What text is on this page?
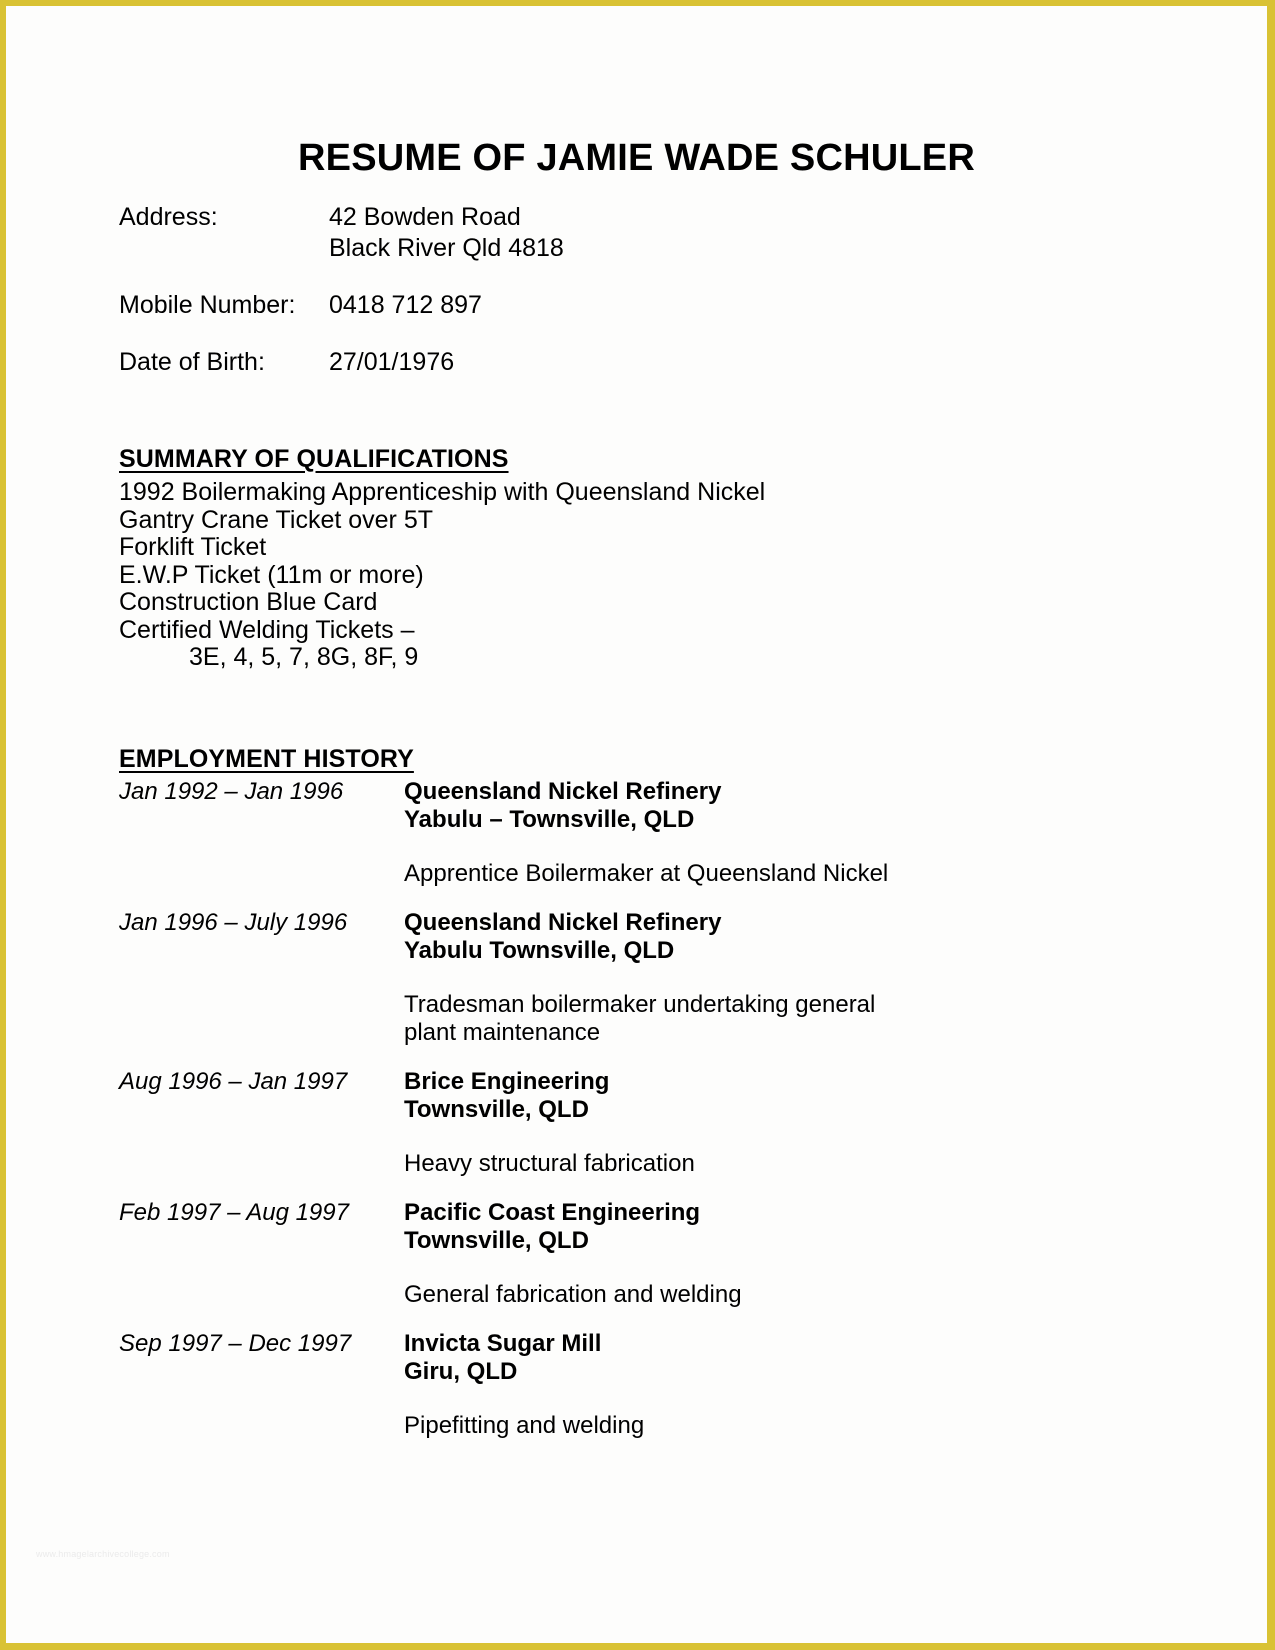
RESUME OF JAMIE WADE SCHULER
Address:	42 Bowden Road
Black River Qld 4818
Mobile Number:	0418 712 897
Date of Birth:	27/01/1976
SUMMARY OF QUALIFICATIONS
1992 Boilermaking Apprenticeship with Queensland Nickel
Gantry Crane Ticket over 5T
Forklift Ticket
E.W.P Ticket (11m or more)
Construction Blue Card
Certified Welding Tickets –
3E, 4, 5, 7, 8G, 8F, 9
EMPLOYMENT HISTORY
Jan 1992 – Jan 1996	Queensland Nickel Refinery
Yabulu – Townsville, QLD
Apprentice Boilermaker at Queensland Nickel
Jan 1996 – July 1996	Queensland Nickel Refinery
Yabulu Townsville, QLD
Tradesman boilermaker undertaking general
plant maintenance
Aug 1996 – Jan 1997	Brice Engineering
Townsville, QLD
Heavy structural fabrication
Feb 1997 – Aug 1997	Pacific Coast Engineering
Townsville, QLD
General fabrication and welding
Sep 1997 – Dec 1997	Invicta Sugar Mill
Giru, QLD
Pipefitting and welding
www.hmagelarchivecollege.com
